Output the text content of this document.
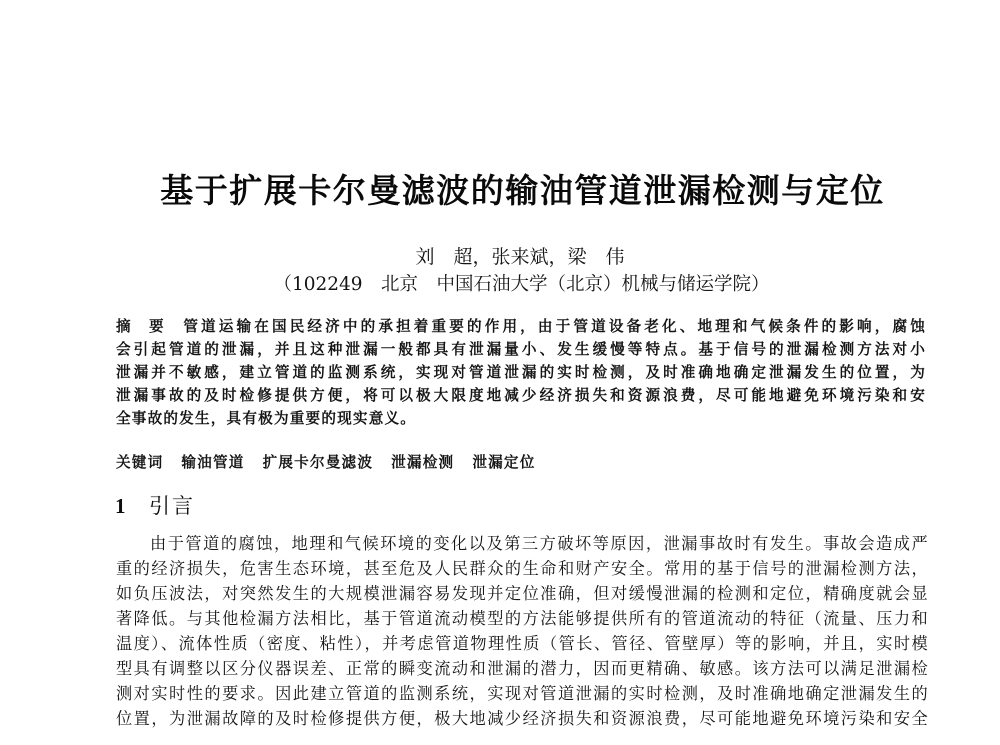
基于扩展卡尔曼滤波的输油管道泄漏检测与定位
刘　超，张来斌，梁　伟
（102249　北京　中国石油大学（北京）机械与储运学院）
摘　要　 管道运输在国民经济中的承担着重要的作用，由于管道设备老化、地理和气候条件的影响，腐蚀
会引起管道的泄漏，并且这种泄漏一般都具有泄漏量小、发生缓慢等特点。基于信号的泄漏检测方法对小
泄漏并不敏感，建立管道的监测系统，实现对管道泄漏的实时检测，及时准确地确定泄漏发生的位置，为
泄漏事故的及时检修提供方便，将可以极大限度地减少经济损失和资源浪费，尽可能地避免环境污染和安
全事故的发生，具有极为重要的现实意义。
关键词 输油管道 扩展卡尔曼滤波 泄漏检测 泄漏定位
1 引言
由于管道的腐蚀，地理和气候环境的变化以及第三方破坏等原因，泄漏事故时有发生。事故会造成严
重的经济损失，危害生态环境，甚至危及人民群众的生命和财产安全。常用的基于信号的泄漏检测方法，
如负压波法，对突然发生的大规模泄漏容易发现并定位准确，但对缓慢泄漏的检测和定位，精确度就会显
著降低。与其他检漏方法相比，基于管道流动模型的方法能够提供所有的管道流动的特征（流量、压力和
温度）、流体性质（密度、粘性），并考虑管道物理性质（管长、管径、管壁厚）等的影响，并且，实时模
型具有调整以区分仪器误差、正常的瞬变流动和泄漏的潜力，因而更精确、敏感。该方法可以满足泄漏检
测对实时性的要求。因此建立管道的监测系统，实现对管道泄漏的实时检测，及时准确地确定泄漏发生的
位置，为泄漏故障的及时检修提供方便，极大地减少经济损失和资源浪费，尽可能地避免环境污染和安全
